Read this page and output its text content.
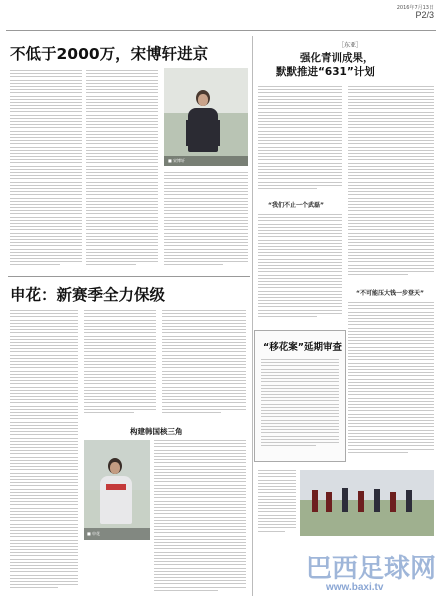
2016年7月13日
P2/3
不低于2000万，宋博轩进京
■ 宋博轩
申花：新赛季全力保级
构建韩国核三角
■ 申花
［东亚］
强化青训成果，
默默推进“631”计划
“我们不止一个武磊”
“不可能压大钱一步登天”
“移花案”延期审查
巴西足球网
www.baxi.tv
